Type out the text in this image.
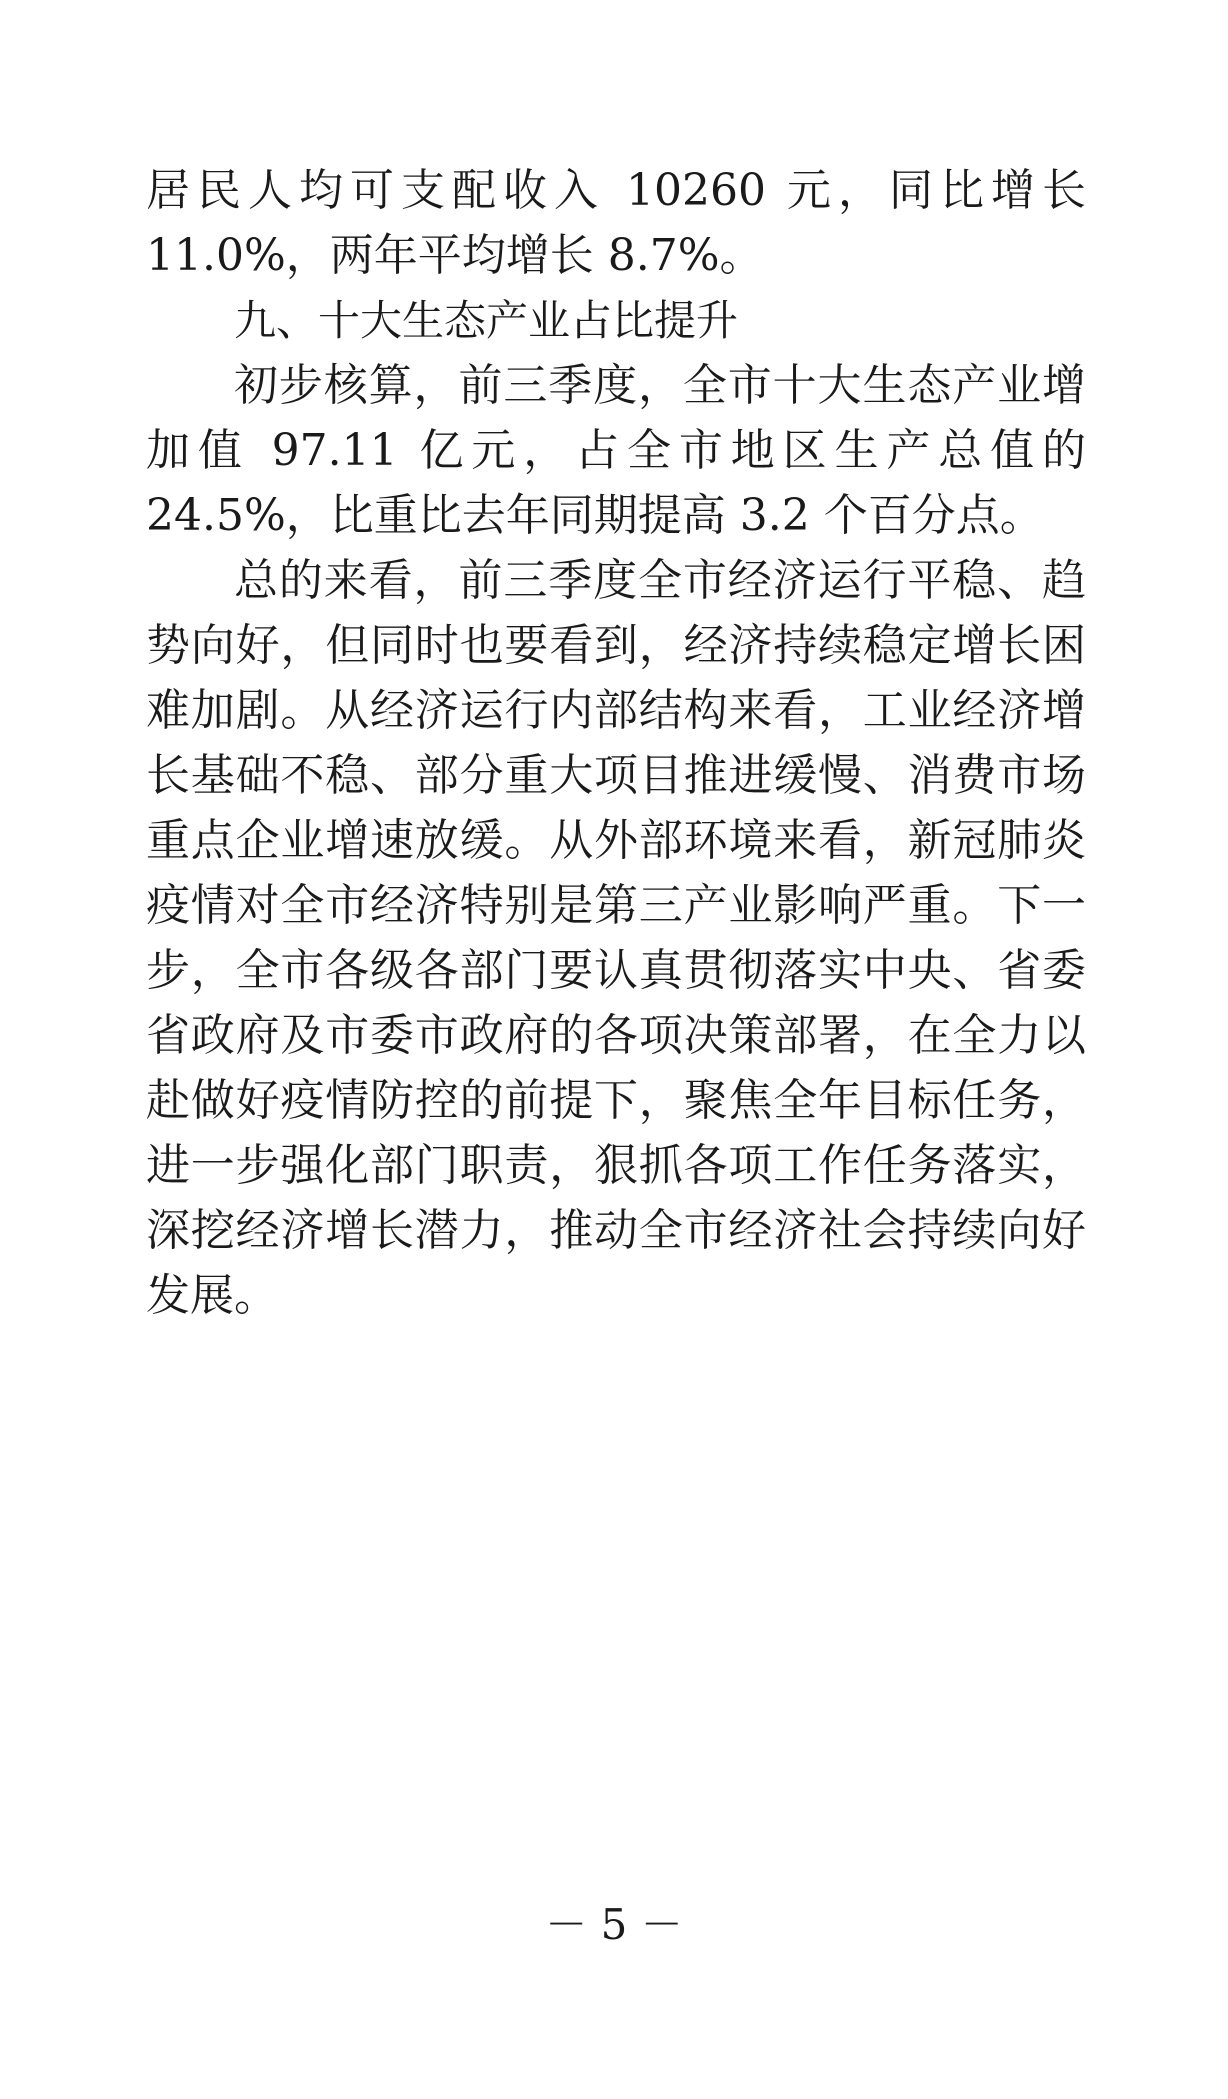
居民人均可支配收入 10260 元，同比增长 11.0%，两年平均增长 8.7%。

九、十大生态产业占比提升

初步核算，前三季度，全市十大生态产业增加值 97.11 亿元，占全市地区生产总值的 24.5%，比重比去年同期提高 3.2 个百分点。

总的来看，前三季度全市经济运行平稳、趋势向好，但同时也要看到，经济持续稳定增长困难加剧。从经济运行内部结构来看，工业经济增长基础不稳、部分重大项目推进缓慢、消费市场重点企业增速放缓。从外部环境来看，新冠肺炎疫情对全市经济特别是第三产业影响严重。下一步，全市各级各部门要认真贯彻落实中央、省委省政府及市委市政府的各项决策部署，在全力以赴做好疫情防控的前提下，聚焦全年目标任务，进一步强化部门职责，狠抓各项工作任务落实，深挖经济增长潜力，推动全市经济社会持续向好发展。

－ 5 －
